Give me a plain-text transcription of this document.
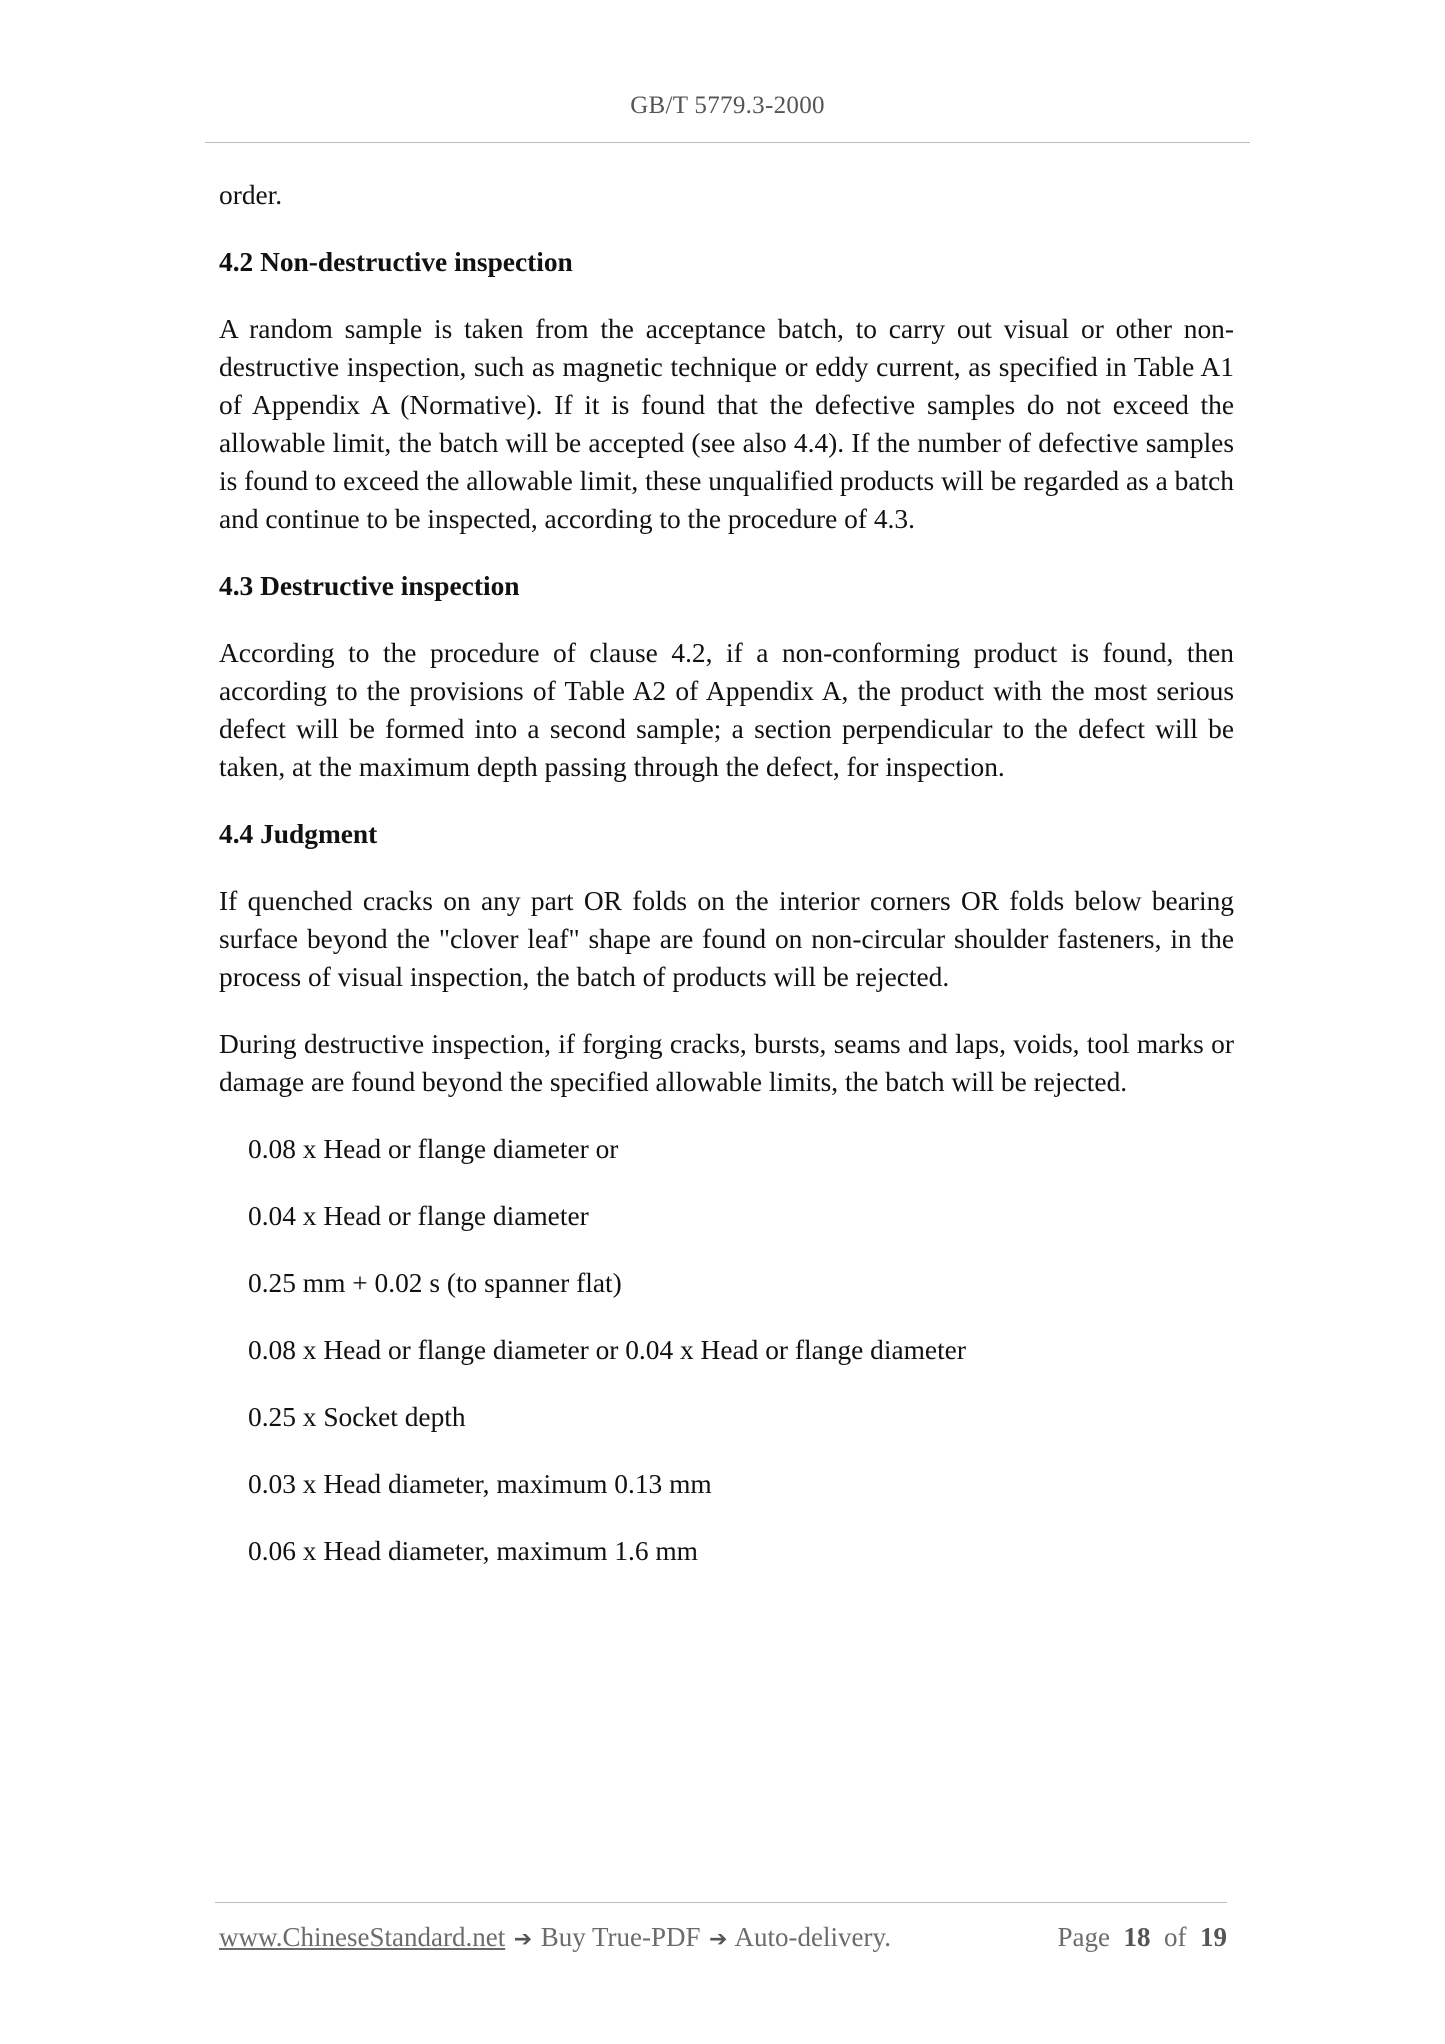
GB/T 5779.3-2000

order.

4.2 Non-destructive inspection

A random sample is taken from the acceptance batch, to carry out visual or other non-destructive inspection, such as magnetic technique or eddy current, as specified in Table A1 of Appendix A (Normative). If it is found that the defective samples do not exceed the allowable limit, the batch will be accepted (see also 4.4). If the number of defective samples is found to exceed the allowable limit, these unqualified products will be regarded as a batch and continue to be inspected, according to the procedure of 4.3.

4.3 Destructive inspection

According to the procedure of clause 4.2, if a non-conforming product is found, then according to the provisions of Table A2 of Appendix A, the product with the most serious defect will be formed into a second sample; a section perpendicular to the defect will be taken, at the maximum depth passing through the defect, for inspection.

4.4 Judgment

If quenched cracks on any part OR folds on the interior corners OR folds below bearing surface beyond the "clover leaf" shape are found on non-circular shoulder fasteners, in the process of visual inspection, the batch of products will be rejected.

During destructive inspection, if forging cracks, bursts, seams and laps, voids, tool marks or damage are found beyond the specified allowable limits, the batch will be rejected.

0.08 x Head or flange diameter or

0.04 x Head or flange diameter

0.25 mm + 0.02 s (to spanner flat)

0.08 x Head or flange diameter or 0.04 x Head or flange diameter

0.25 x Socket depth

0.03 x Head diameter, maximum 0.13 mm

0.06 x Head diameter, maximum 1.6 mm

www.ChineseStandard.net ➔ Buy True-PDF ➔ Auto-delivery.	Page 18 of 19
